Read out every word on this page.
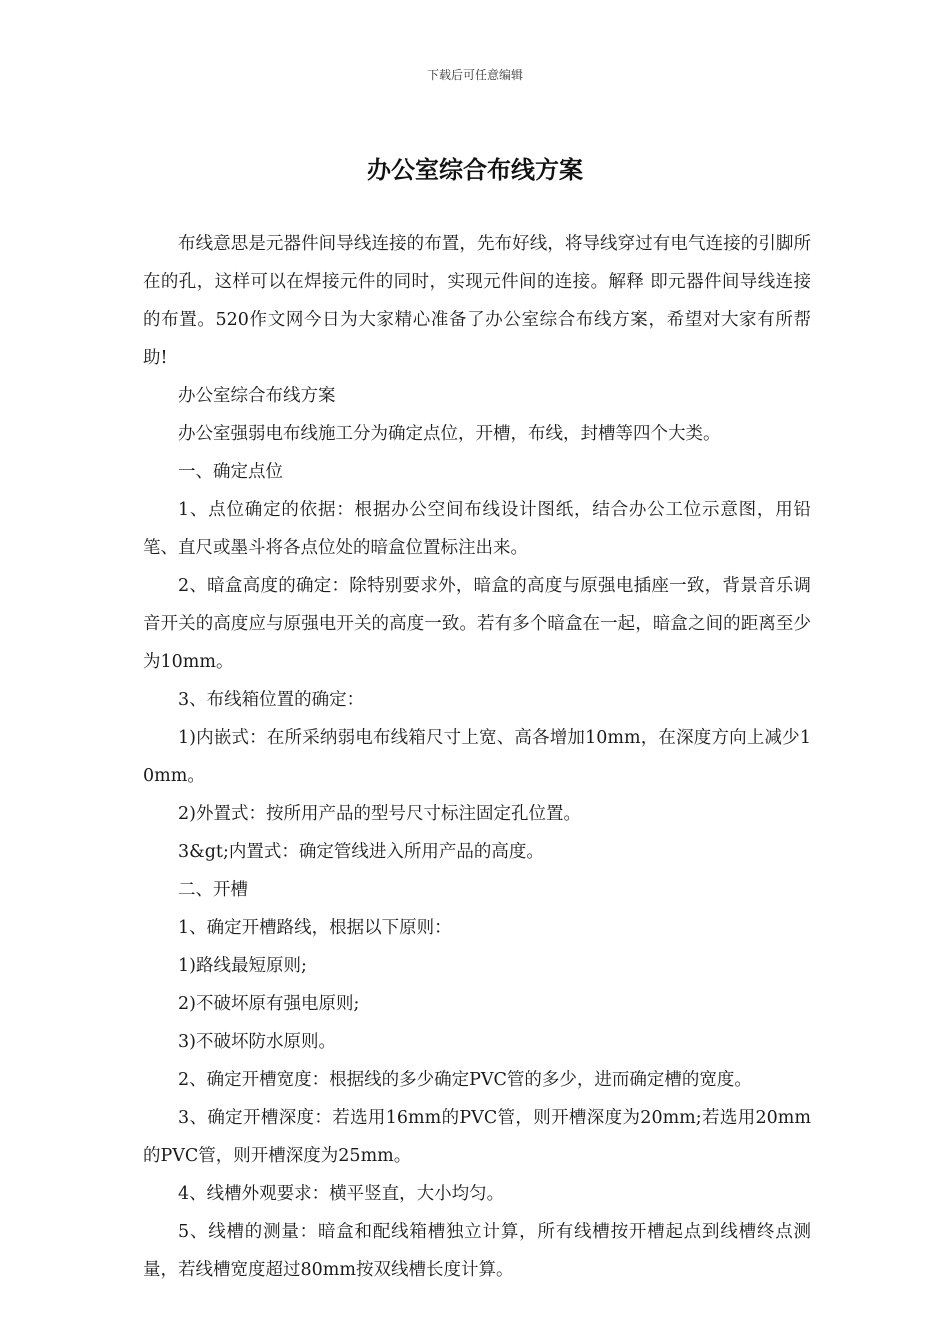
下载后可任意编辑
办公室综合布线方案

布线意思是元器件间导线连接的布置，先布好线，将导线穿过有电气连接的引脚所在的孔，这样可以在焊接元件的同时，实现元件间的连接。解释 即元器件间导线连接的布置。520作文网今日为大家精心准备了办公室综合布线方案，希望对大家有所帮助!

办公室综合布线方案

办公室强弱电布线施工分为确定点位，开槽，布线，封槽等四个大类。

一、确定点位

1、点位确定的依据：根据办公空间布线设计图纸，结合办公工位示意图，用铅笔、直尺或墨斗将各点位处的暗盒位置标注出来。

2、暗盒高度的确定：除特别要求外，暗盒的高度与原强电插座一致，背景音乐调音开关的高度应与原强电开关的高度一致。若有多个暗盒在一起，暗盒之间的距离至少为10mm。

3、布线箱位置的确定：

1)内嵌式：在所采纳弱电布线箱尺寸上宽、高各增加10mm，在深度方向上减少10mm。

2)外置式：按所用产品的型号尺寸标注固定孔位置。

3&gt;内置式：确定管线进入所用产品的高度。

二、开槽

1、确定开槽路线，根据以下原则：

1)路线最短原则;

2)不破坏原有强电原则;

3)不破坏防水原则。

2、确定开槽宽度：根据线的多少确定PVC管的多少，进而确定槽的宽度。

3、确定开槽深度：若选用16mm的PVC管，则开槽深度为20mm;若选用20mm的PVC管，则开槽深度为25mm。

4、线槽外观要求：横平竖直，大小均匀。

5、线槽的测量：暗盒和配线箱槽独立计算，所有线槽按开槽起点到线槽终点测量，若线槽宽度超过80mm按双线槽长度计算。
